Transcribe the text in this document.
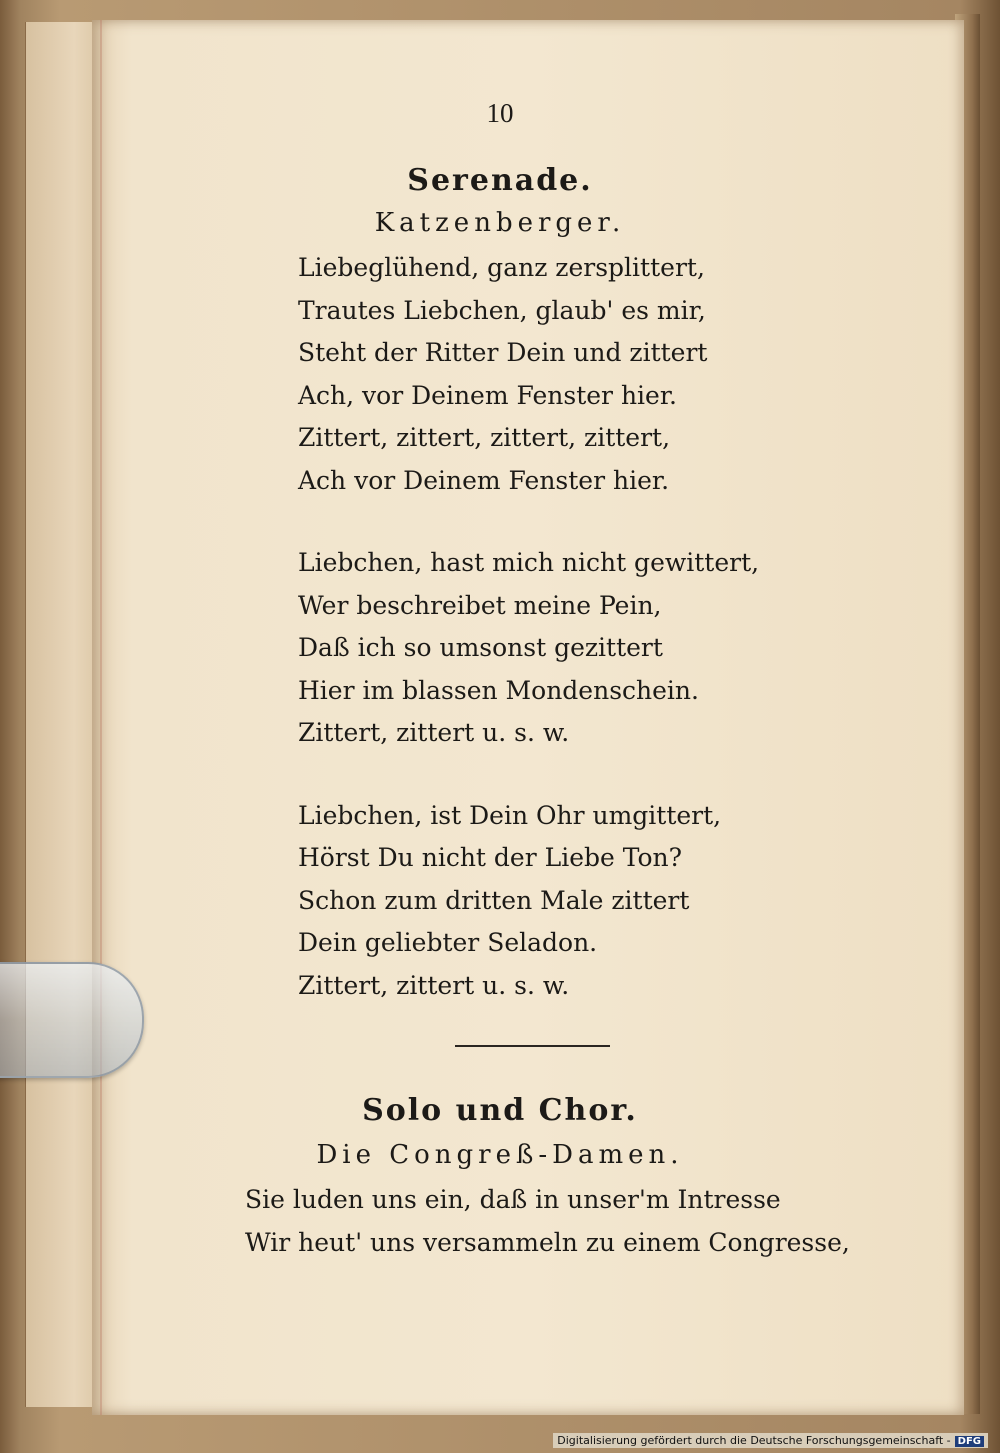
10
Serenade.
Katzenberger.
Liebeglühend, ganz zersplittert,
Trautes Liebchen, glaub' es mir,
Steht der Ritter Dein und zittert
Ach, vor Deinem Fenster hier.
Zittert, zittert, zittert, zittert,
Ach vor Deinem Fenster hier.
Liebchen, hast mich nicht gewittert,
Wer beschreibet meine Pein,
Daß ich so umsonst gezittert
Hier im blassen Mondenschein.
Zittert, zittert u. s. w.
Liebchen, ist Dein Ohr umgittert,
Hörst Du nicht der Liebe Ton?
Schon zum dritten Male zittert
Dein geliebter Seladon.
Zittert, zittert u. s. w.
Solo und Chor.
Die Congreß-Damen.
Sie luden uns ein, daß in unser'm Intresse
Wir heut' uns versammeln zu einem Congresse,
Digitalisierung gefördert durch die Deutsche Forschungsgemeinschaft - DFG
